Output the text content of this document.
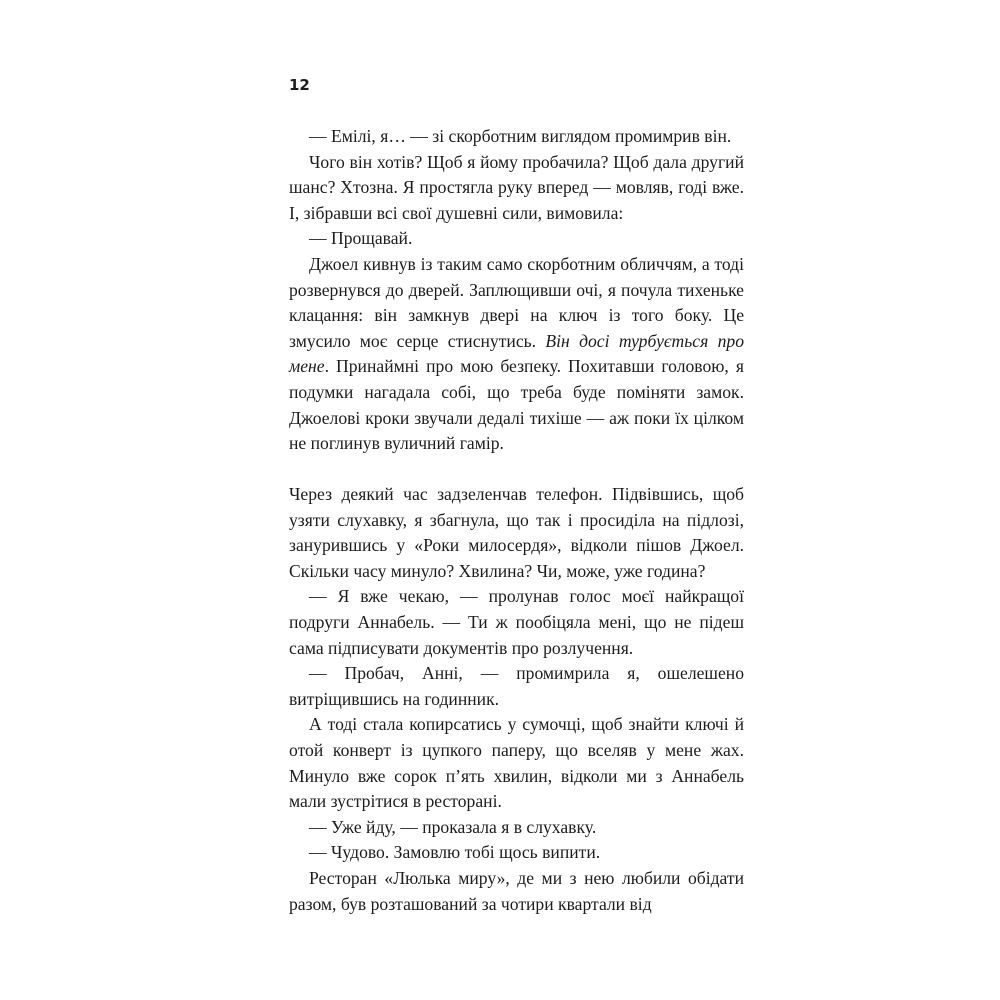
12

— Емілі, я… — зі скорботним виглядом промимрив він.

Чого він хотів? Щоб я йому пробачила? Щоб дала другий шанс? Хтозна. Я простягла руку вперед — мовляв, годі вже. І, зібравши всі свої душевні сили, вимовила:

— Прощавай.

Джоел кивнув із таким само скорботним обличчям, а тоді розвернувся до дверей. Заплющивши очі, я почула тихеньке клацання: він замкнув двері на ключ із того боку. Це змусило моє серце стиснутись. Він досі турбується про мене. Принаймні про мою безпеку. Похитавши головою, я подумки нагадала собі, що треба буде поміняти замок. Джоелові кроки звучали дедалі тихіше — аж поки їх цілком не поглинув вуличний гамір.

Через деякий час задзеленчав телефон. Підвівшись, щоб узяти слухавку, я збагнула, що так і просиділа на підлозі, занурившись у «Роки милосердя», відколи пішов Джоел. Скільки часу минуло? Хвилина? Чи, може, уже година?

— Я вже чекаю, — пролунав голос моєї найкращої подруги Аннабель. — Ти ж пообіцяла мені, що не підеш сама підписувати документів про розлучення.

— Пробач, Анні, — промимрила я, ошелешено витріщившись на годинник.

А тоді стала копирсатись у сумочці, щоб знайти ключі й отой конверт із цупкого паперу, що вселяв у мене жах. Минуло вже сорок п’ять хвилин, відколи ми з Аннабель мали зустрітися в ресторані.

— Уже йду, — проказала я в слухавку.

— Чудово. Замовлю тобі щось випити.

Ресторан «Люлька миру», де ми з нею любили обідати разом, був розташований за чотири квартали від
